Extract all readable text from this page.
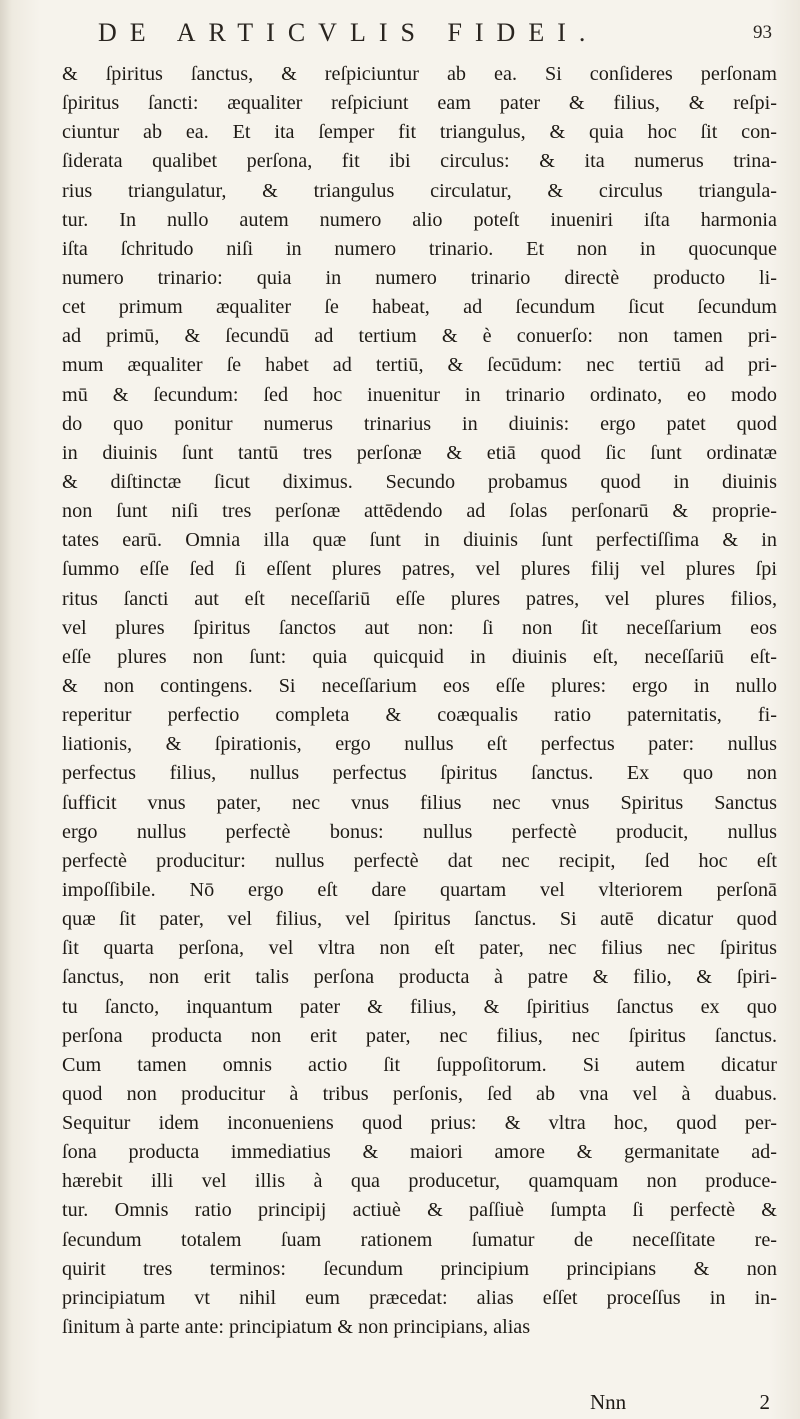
DE ARTICVLIS FIDEI.	93
& ſpiritus ſanctus, & reſpiciuntur ab ea. Si conſideres perſonam
ſpiritus ſancti: æqualiter reſpiciunt eam pater & filius, & reſpi-
ciuntur ab ea. Et ita ſemper fit triangulus, & quia hoc ſit con-
ſiderata qualibet perſona, fit ibi circulus: & ita numerus trina-
rius triangulatur, & triangulus circulatur, & circulus triangula-
tur. In nullo autem numero alio poteſt inueniri iſta harmonia
iſta ſchritudo niſi in numero trinario. Et non in quocunque
numero trinario: quia in numero trinario directè producto li-
cet primum æqualiter ſe habeat, ad ſecundum ſicut ſecundum
ad primū, & ſecundū ad tertium & è conuerſo: non tamen pri-
mum æqualiter ſe habet ad tertiū, & ſecūdum: nec tertiū ad pri-
mū & ſecundum: ſed hoc inuenitur in trinario ordinato, eo modo
do quo ponitur numerus trinarius in diuinis: ergo patet quod
in diuinis ſunt tantū tres perſonæ & etiā quod ſic ſunt ordinatæ
& diſtinctæ ſicut diximus. Secundo probamus quod in diuinis
non ſunt niſi tres perſonæ attēdendo ad ſolas perſonarū & proprie-
tates earū. Omnia illa quæ ſunt in diuinis ſunt perfectiſſima & in
ſummo eſſe ſed ſi eſſent plures patres, vel plures filij vel plures ſpi
ritus ſancti aut eſt neceſſariū eſſe plures patres, vel plures filios,
vel plures ſpiritus ſanctos aut non: ſi non ſit neceſſarium eos
eſſe plures non ſunt: quia quicquid in diuinis eſt, neceſſariū eſt-
& non contingens. Si neceſſarium eos eſſe plures: ergo in nullo
reperitur perfectio completa & coæqualis ratio paternitatis, fi-
liationis, & ſpirationis, ergo nullus eſt perfectus pater: nullus
perfectus filius, nullus perfectus ſpiritus ſanctus. Ex quo non
ſufficit vnus pater, nec vnus filius nec vnus Spiritus Sanctus
ergo nullus perfectè bonus: nullus perfectè producit, nullus
perfectè producitur: nullus perfectè dat nec recipit, ſed hoc eſt
impoſſibile. Nō ergo eſt dare quartam vel vlteriorem perſonā
quæ ſit pater, vel filius, vel ſpiritus ſanctus. Si autē dicatur quod
ſit quarta perſona, vel vltra non eſt pater, nec filius nec ſpiritus
ſanctus, non erit talis perſona producta à patre & filio, & ſpiri-
tu ſancto, inquantum pater & filius, & ſpiritius ſanctus ex quo
perſona producta non erit pater, nec filius, nec ſpiritus ſanctus.
Cum tamen omnis actio ſit ſuppoſitorum. Si autem dicatur
quod non producitur à tribus perſonis, ſed ab vna vel à duabus.
Sequitur idem inconueniens quod prius: & vltra hoc, quod per-
ſona producta immediatius & maiori amore & germanitate ad-
hærebit illi vel illis à qua producetur, quamquam non produce-
tur. Omnis ratio principij actiuè & paſſiuè ſumpta ſi perfectè &
ſecundum totalem ſuam rationem ſumatur de neceſſitate re-
quirit tres terminos: ſecundum principium principians & non
principiatum vt nihil eum præcedat: alias eſſet proceſſus in in-
ſinitum à parte ante: principiatum & non principians, alias
Nnn 2
